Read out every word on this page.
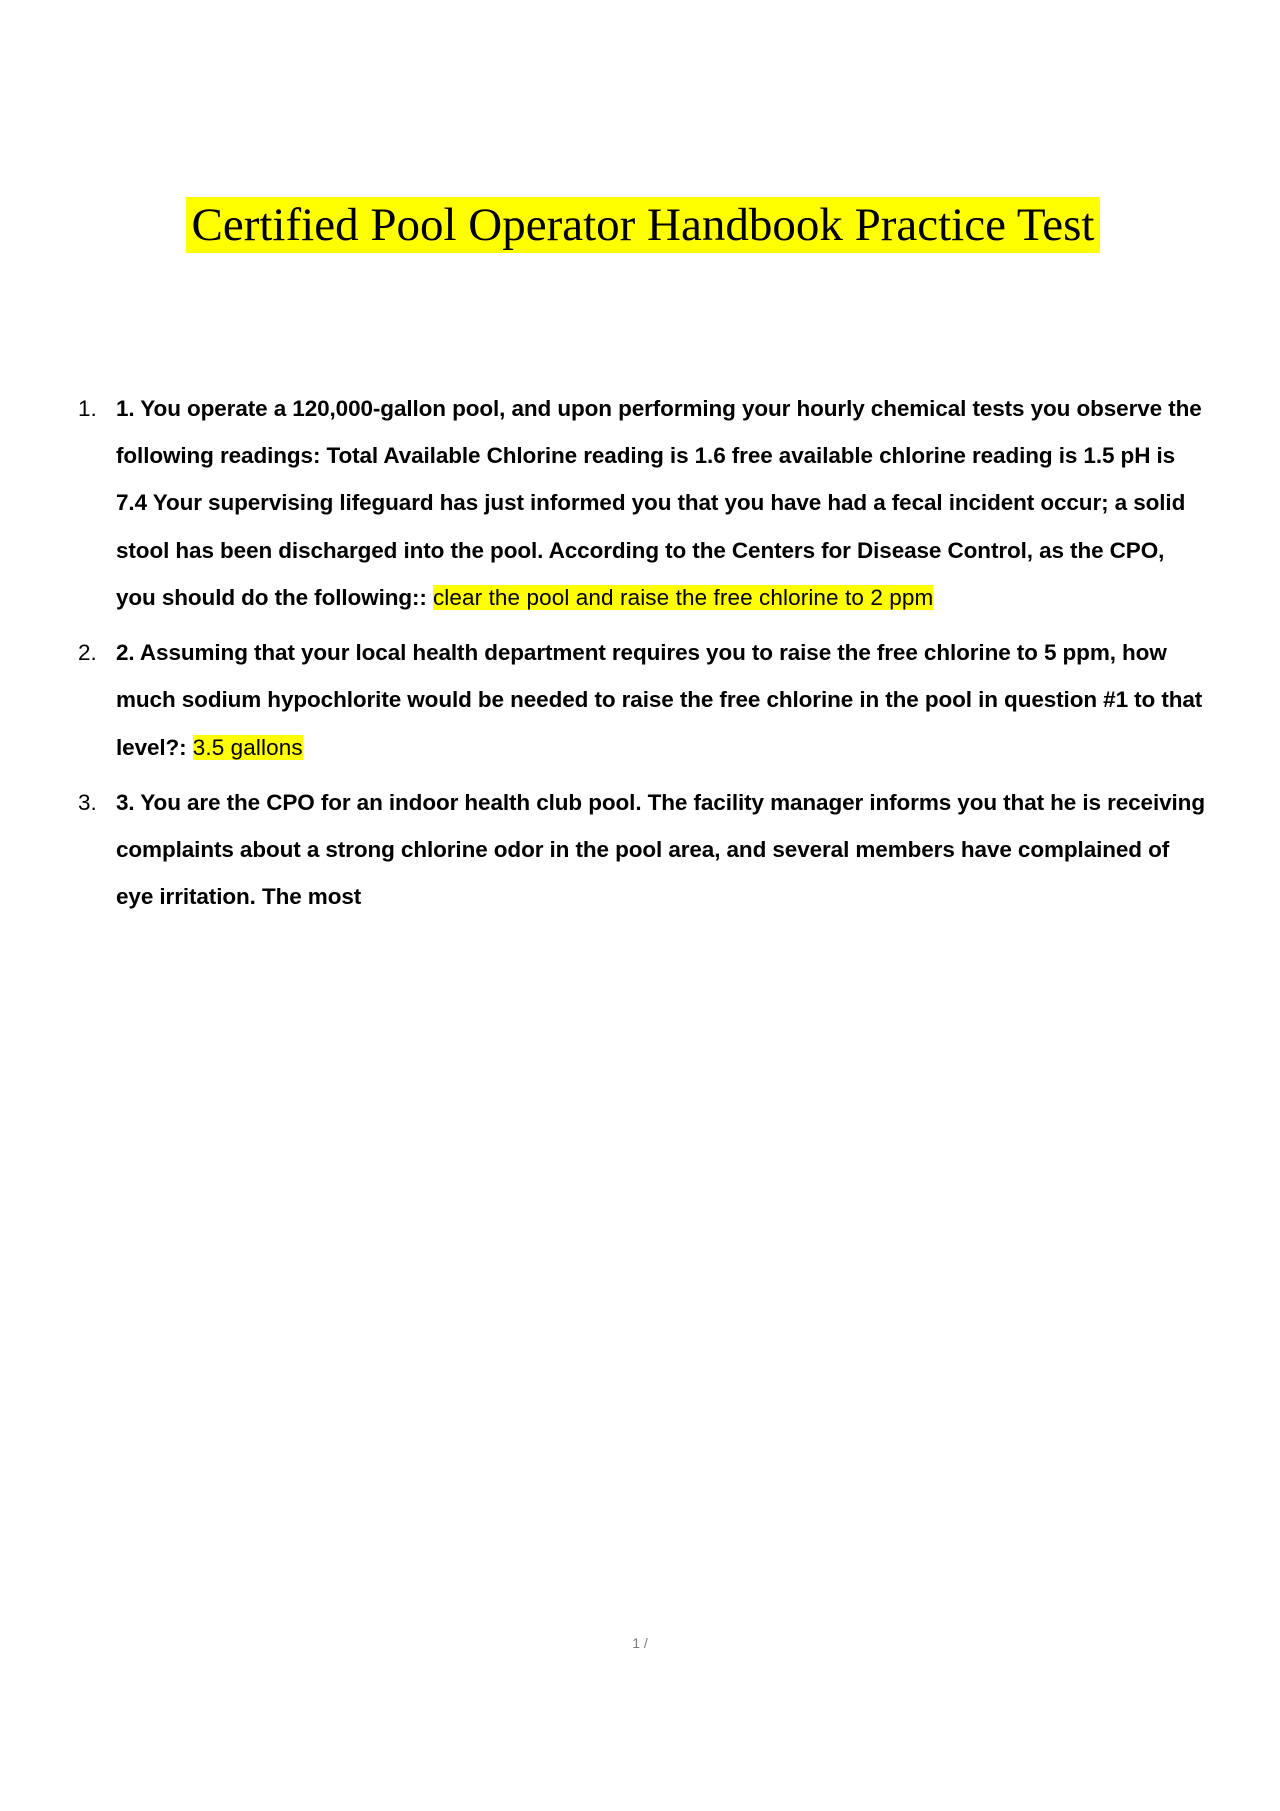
Certified Pool Operator Handbook Practice Test
1. 1. You operate a 120,000-gallon pool, and upon performing your hourly chemical tests you observe the following readings: Total Available Chlorine reading is 1.6 free available chlorine reading is 1.5 pH is 7.4 Your supervising lifeguard has just informed you that you have had a fecal incident occur; a solid stool has been discharged into the pool. According to the Centers for Disease Control, as the CPO, you should do the following:: clear the pool and raise the free chlorine to 2 ppm
2. 2. Assuming that your local health department requires you to raise the free chlorine to 5 ppm, how much sodium hypochlorite would be needed to raise the free chlorine in the pool in question #1 to that level?: 3.5 gallons
3. 3. You are the CPO for an indoor health club pool. The facility manager informs you that he is receiving complaints about a strong chlorine odor in the pool area, and several members have complained of eye irritation. The most
1 /
